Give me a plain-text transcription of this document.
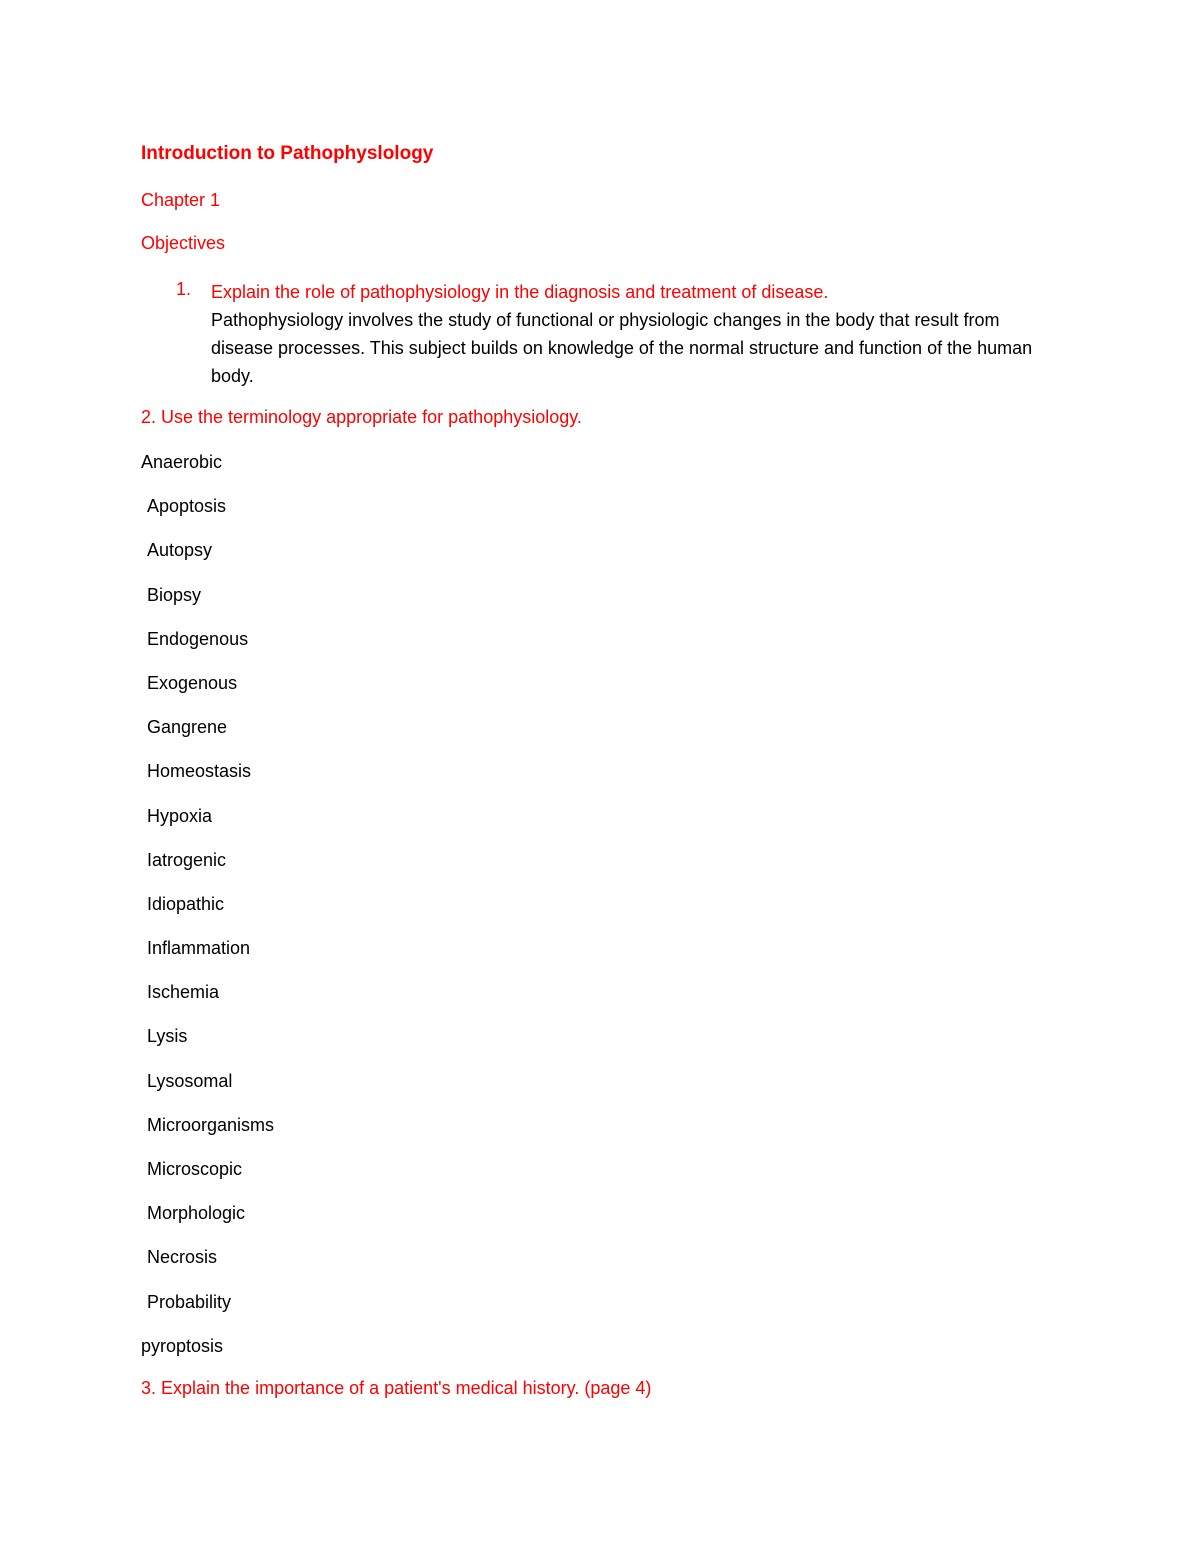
Introduction to Pathophyslology
Chapter 1
Objectives
1. Explain the role of pathophysiology in the diagnosis and treatment of disease.
Pathophysiology involves the study of functional or physiologic changes in the body that result from disease processes. This subject builds on knowledge of the normal structure and function of the human body.
2. Use the terminology appropriate for pathophysiology.
Anaerobic
Apoptosis
Autopsy
Biopsy
Endogenous
Exogenous
Gangrene
Homeostasis
Hypoxia
Iatrogenic
Idiopathic
Inflammation
Ischemia
Lysis
Lysosomal
Microorganisms
Microscopic
Morphologic
Necrosis
Probability
pyroptosis
3. Explain the importance of a patient's medical history. (page 4)
